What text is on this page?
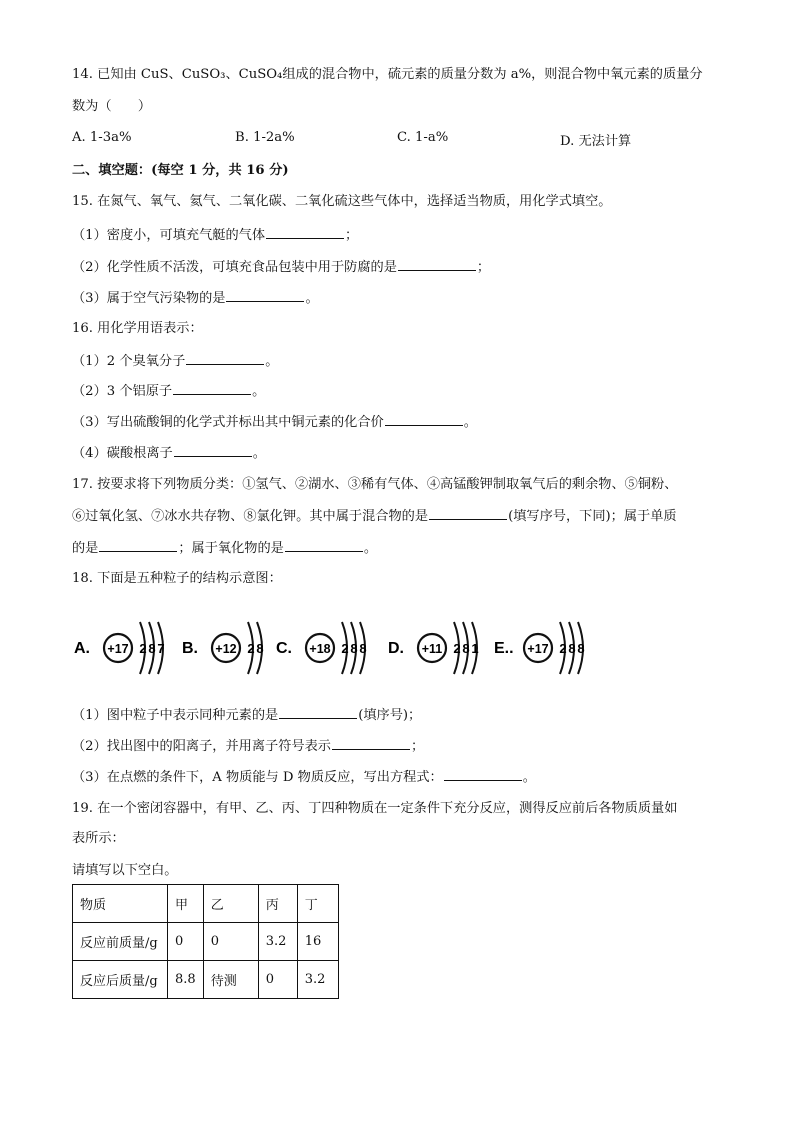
14. 已知由 CuS、CuSO₃、CuSO₄组成的混合物中，硫元素的质量分数为 a%，则混合物中氧元素的质量分
数为（　　）
A. 1-3a%	B. 1-2a%	C. 1-a%	D. 无法计算
二、填空题：(每空 1 分，共 16 分)
15. 在氮气、氧气、氦气、二氧化碳、二氧化硫这些气体中，选择适当物质，用化学式填空。
（1）密度小，可填充气艇的气体	；
（2）化学性质不活泼，可填充食品包装中用于防腐的是	；
（3）属于空气污染物的是	。
16. 用化学用语表示：
（1）2 个臭氧分子	。
（2）3 个铝原子	。
（3）写出硫酸铜的化学式并标出其中铜元素的化合价	。
（4）碳酸根离子	。
17. 按要求将下列物质分类：①氢气、②湖水、③稀有气体、④高锰酸钾制取氧气后的剩余物、⑤铜粉、
⑥过氧化氢、⑦冰水共存物、⑧氯化钾。其中属于混合物的是	(填写序号，下同)；属于单质
的是	；属于氧化物的是	。
18. 下面是五种粒子的结构示意图：
A. +17 2 8 7 B. +12 2 8 C. +18 2 8 8 D. +11 2 8 1 E.. +17 2 8 8
（1）图中粒子中表示同种元素的是	(填序号)；
（2）找出图中的阳离子，并用离子符号表示	；
（3）在点燃的条件下，A 物质能与 D 物质反应，写出方程式：	。
19. 在一个密闭容器中，有甲、乙、丙、丁四种物质在一定条件下充分反应，测得反应前后各物质质量如
表所示：
请填写以下空白。
物质	甲	乙	丙	丁
反应前质量/g	0	0	3.2	16
反应后质量/g	8.8	待测	0	3.2
